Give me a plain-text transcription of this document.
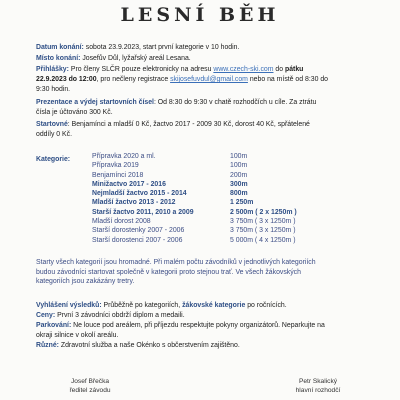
LESNÍ BĚH
Datum konání: sobota 23.9.2023, start první kategorie v 10 hodin.
Místo konání: Josefův Důl, lyžařský areál Lesana.
Přihlášky: Pro členy SLČR pouze elektronicky na adresu www.czech-ski.com do pátku
22.9.2023 do 12:00, pro nečleny registrace skijosefuvdul@gmail.com nebo na místě od 8:30 do
9:30 hodin.
Prezentace a výdej startovních čísel: Od 8:30 do 9:30 v chatě rozhodčích u cíle. Za ztrátu
čísla je účtováno 300 Kč.
Startovné: Benjamínci a mladší 0 Kč, žactvo 2017 - 2009 30 Kč, dorost 40 Kč, spřátelené
oddíly 0 Kč.
Kategorie:	Přípravka 2020 a ml.	100m
Přípravka 2019	100m
Benjamínci 2018	200m
Minižactvo 2017 - 2016	300m
Nejmladší žactvo 2015 - 2014	800m
Mladší žactvo 2013 - 2012	1 250m
Starší žactvo 2011, 2010 a 2009	2 500m ( 2 x 1250m )
Mladší dorost 2008	3 750m ( 3 x 1250m )
Starší dorostenky 2007 - 2006	3 750m ( 3 x 1250m )
Starší dorostenci 2007 - 2006	5 000m ( 4 x 1250m )
Starty všech kategorií jsou hromadné. Při malém počtu závodníků v jednotlivých kategoriích
budou závodníci startovat společně v kategorii proto stejnou trať. Ve všech žákovských
kategoriích jsou zakázány tretry.
Vyhlášení výsledků: Průběžně po kategoriích, žákovské kategorie po ročnících.
Ceny: První 3 závodníci obdrží diplom a medaili.
Parkování: Ne louce pod areálem, při příjezdu respektujte pokyny organizátorů. Neparkujte na
okraji silnice v okolí areálu.
Různé: Zdravotní služba a naše Okénko s občerstvením zajištěno.
Josef Břečka
ředitel závodu
Petr Skalický
hlavní rozhodčí
